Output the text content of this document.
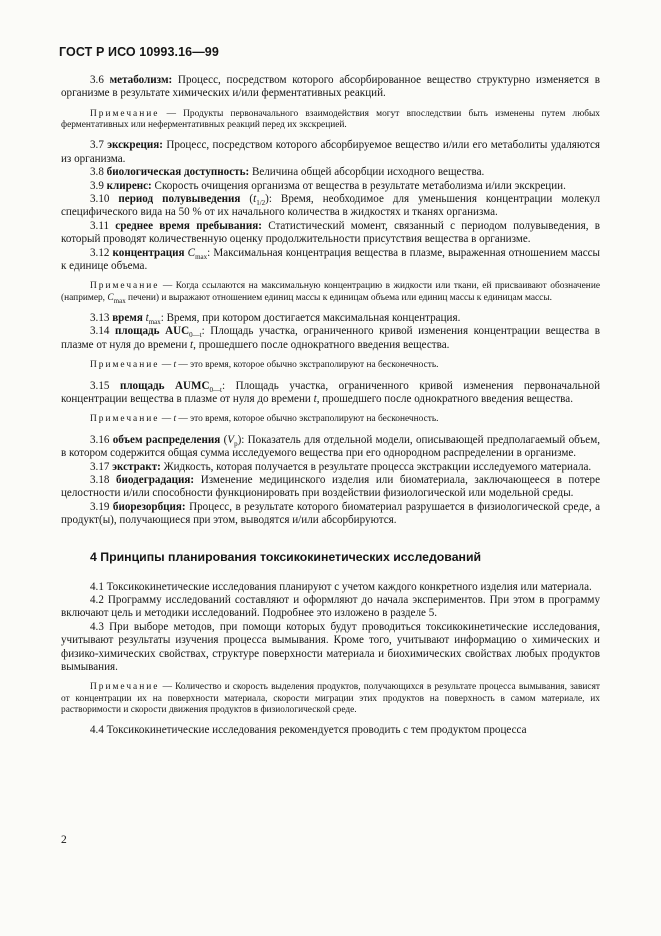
ГОСТ Р ИСО 10993.16—99

3.6 метаболизм: Процесс, посредством которого абсорбированное вещество структурно изменяется в организме в результате химических и/или ферментативных реакций.

Примечание — Продукты первоначального взаимодействия могут впоследствии быть изменены путем любых ферментативных или неферментативных реакций перед их экскрецией.

3.7 экскреция: Процесс, посредством которого абсорбируемое вещество и/или его метаболиты удаляются из организма.

3.8 биологическая доступность: Величина общей абсорбции исходного вещества.

3.9 клиренс: Скорость очищения организма от вещества в результате метаболизма и/или экскреции.

3.10 период полувыведения $(t_{1/2})$: Время, необходимое для уменьшения концентрации молекул специфического вида на 50 % от их начального количества в жидкостях и тканях организма.

3.11 среднее время пребывания: Статистический момент, связанный с периодом полувыведения, в который проводят количественную оценку продолжительности присутствия вещества в организме.

3.12 концентрация $C_{max}$: Максимальная концентрация вещества в плазме, выраженная отношением массы к единице объема.

Примечание — Когда ссылаются на максимальную концентрацию в жидкости или ткани, ей присваивают обозначение (например, $C_{max}$ печени) и выражают отношением единиц массы к единицам объема или единиц массы к единицам массы.

3.13 время $t_{max}$: Время, при котором достигается максимальная концентрация.

3.14 площадь $AUC_{0—t}$: Площадь участка, ограниченного кривой изменения концентрации вещества в плазме от нуля до времени t, прошедшего после однократного введения вещества.

Примечание — t — это время, которое обычно экстраполируют на бесконечность.

3.15 площадь $AUMC_{0—t}$: Площадь участка, ограниченного кривой изменения первоначальной концентрации вещества в плазме от нуля до времени t, прошедшего после однократного введения вещества.

Примечание — t — это время, которое обычно экстраполируют на бесконечность.

3.16 объем распределения $(V_p)$: Показатель для отдельной модели, описывающей предполагаемый объем, в котором содержится общая сумма исследуемого вещества при его однородном распределении в организме.

3.17 экстракт: Жидкость, которая получается в результате процесса экстракции исследуемого материала.

3.18 биодеградация: Изменение медицинского изделия или биоматериала, заключающееся в потере целостности и/или способности функционировать при воздействии физиологической или модельной среды.

3.19 биорезорбция: Процесс, в результате которого биоматериал разрушается в физиологической среде, а продукт(ы), получающиеся при этом, выводятся и/или абсорбируются.

4 Принципы планирования токсикокинетических исследований

4.1 Токсикокинетические исследования планируют с учетом каждого конкретного изделия или материала.

4.2 Программу исследований составляют и оформляют до начала экспериментов. При этом в программу включают цель и методики исследований. Подробнее это изложено в разделе 5.

4.3 При выборе методов, при помощи которых будут проводиться токсикокинетические исследования, учитывают результаты изучения процесса вымывания. Кроме того, учитывают информацию о химических и физико-химических свойствах, структуре поверхности материала и биохимических свойствах любых продуктов вымывания.

Примечание — Количество и скорость выделения продуктов, получающихся в результате процесса вымывания, зависят от концентрации их на поверхности материала, скорости миграции этих продуктов на поверхность в самом материале, их растворимости и скорости движения продуктов в физиологической среде.

4.4 Токсикокинетические исследования рекомендуется проводить с тем продуктом процесса

2
